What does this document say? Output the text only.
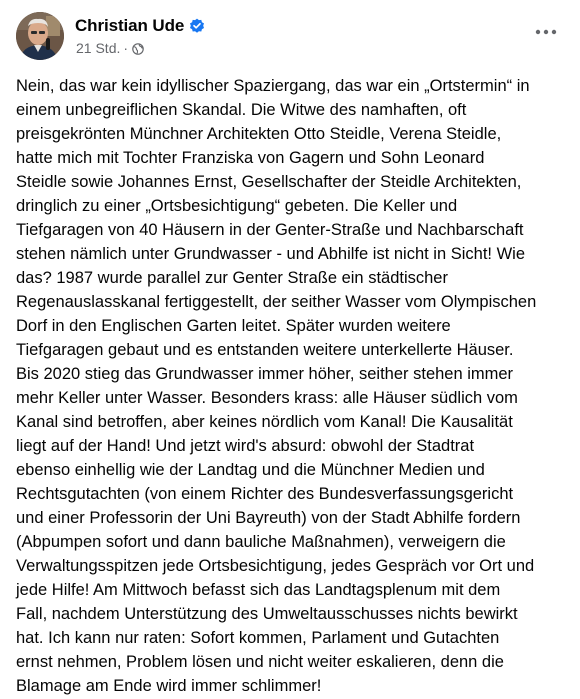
Christian Ude
21 Std. ·
Nein, das war kein idyllischer Spaziergang, das war ein „Ortstermin“ in
einem unbegreiflichen Skandal. Die Witwe des namhaften, oft
preisgekrönten Münchner Architekten Otto Steidle, Verena Steidle,
hatte mich mit Tochter Franziska von Gagern und Sohn Leonard
Steidle sowie Johannes Ernst, Gesellschafter der Steidle Architekten,
dringlich zu einer „Ortsbesichtigung“ gebeten. Die Keller und
Tiefgaragen von 40 Häusern in der Genter-Straße und Nachbarschaft
stehen nämlich unter Grundwasser - und Abhilfe ist nicht in Sicht! Wie
das? 1987 wurde parallel zur Genter Straße ein städtischer
Regenauslasskanal fertiggestellt, der seither Wasser vom Olympischen
Dorf in den Englischen Garten leitet. Später wurden weitere
Tiefgaragen gebaut und es entstanden weitere unterkellerte Häuser.
Bis 2020 stieg das Grundwasser immer höher, seither stehen immer
mehr Keller unter Wasser. Besonders krass: alle Häuser südlich vom
Kanal sind betroffen, aber keines nördlich vom Kanal! Die Kausalität
liegt auf der Hand! Und jetzt wird's absurd: obwohl der Stadtrat
ebenso einhellig wie der Landtag und die Münchner Medien und
Rechtsgutachten (von einem Richter des Bundesverfassungsgericht
und einer Professorin der Uni Bayreuth) von der Stadt Abhilfe fordern
(Abpumpen sofort und dann bauliche Maßnahmen), verweigern die
Verwaltungsspitzen jede Ortsbesichtigung, jedes Gespräch vor Ort und
jede Hilfe! Am Mittwoch befasst sich das Landtagsplenum mit dem
Fall, nachdem Unterstützung des Umweltausschusses nichts bewirkt
hat. Ich kann nur raten: Sofort kommen, Parlament und Gutachten
ernst nehmen, Problem lösen und nicht weiter eskalieren, denn die
Blamage am Ende wird immer schlimmer!
